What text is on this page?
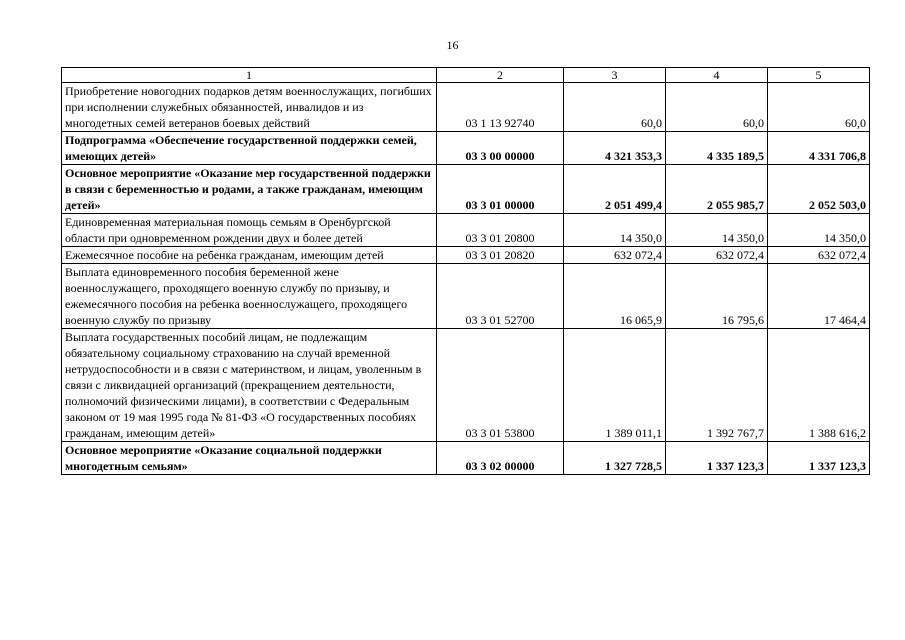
16
1	2	3	4	5
Приобретение новогодних подарков детям военнослужащих, погибших при исполнении служебных обязанностей, инвалидов и из многодетных семей ветеранов боевых действий	03 1 13 92740	60,0	60,0	60,0
Подпрограмма «Обеспечение государственной поддержки семей, имеющих детей»	03 3 00 00000	4 321 353,3	4 335 189,5	4 331 706,8
Основное мероприятие «Оказание мер государственной поддержки в связи с беременностью и родами, а также гражданам, имеющим детей»	03 3 01 00000	2 051 499,4	2 055 985,7	2 052 503,0
Единовременная материальная помощь семьям в Оренбургской области при одновременном рождении двух и более детей	03 3 01 20800	14 350,0	14 350,0	14 350,0
Ежемесячное пособие на ребенка гражданам, имеющим детей	03 3 01 20820	632 072,4	632 072,4	632 072,4
Выплата единовременного пособия беременной жене военнослужащего, проходящего военную службу по призыву, и ежемесячного пособия на ребенка военнослужащего, проходящего военную службу по призыву	03 3 01 52700	16 065,9	16 795,6	17 464,4
Выплата государственных пособий лицам, не подлежащим обязательному социальному страхованию на случай временной нетрудоспособности и в связи с материнством, и лицам, уволенным в связи с ликвидацией организаций (прекращением деятельности, полномочий физическими лицами), в соответствии с Федеральным законом от 19 мая 1995 года № 81-ФЗ «О государственных пособиях гражданам, имеющим детей»	03 3 01 53800	1 389 011,1	1 392 767,7	1 388 616,2
Основное мероприятие «Оказание социальной поддержки многодетным семьям»	03 3 02 00000	1 327 728,5	1 337 123,3	1 337 123,3
